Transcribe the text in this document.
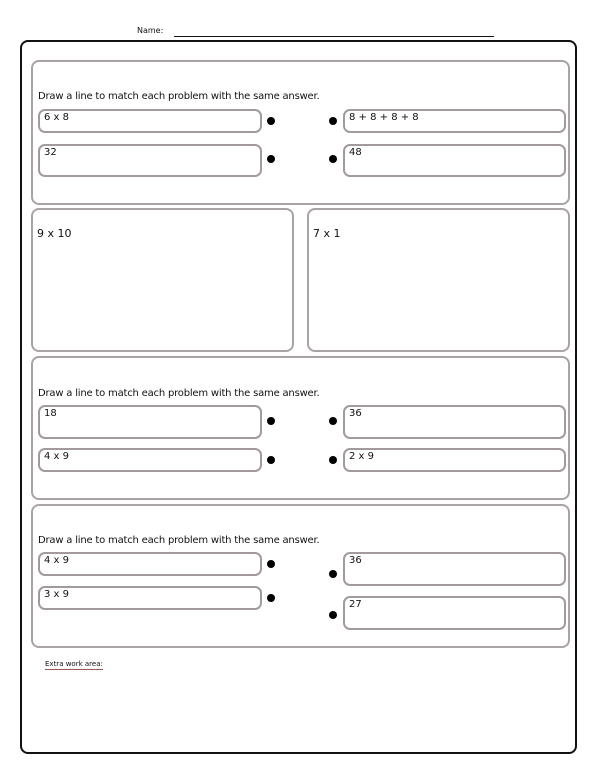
Name:
Draw a line to match each problem with the same answer.
6 x 8
32
8 + 8 + 8 + 8
48
9 x 10	7 x 1
Draw a line to match each problem with the same answer.
18
4 x 9
36
2 x 9
Draw a line to match each problem with the same answer.
4 x 9
3 x 9
36
27
Extra work area:
